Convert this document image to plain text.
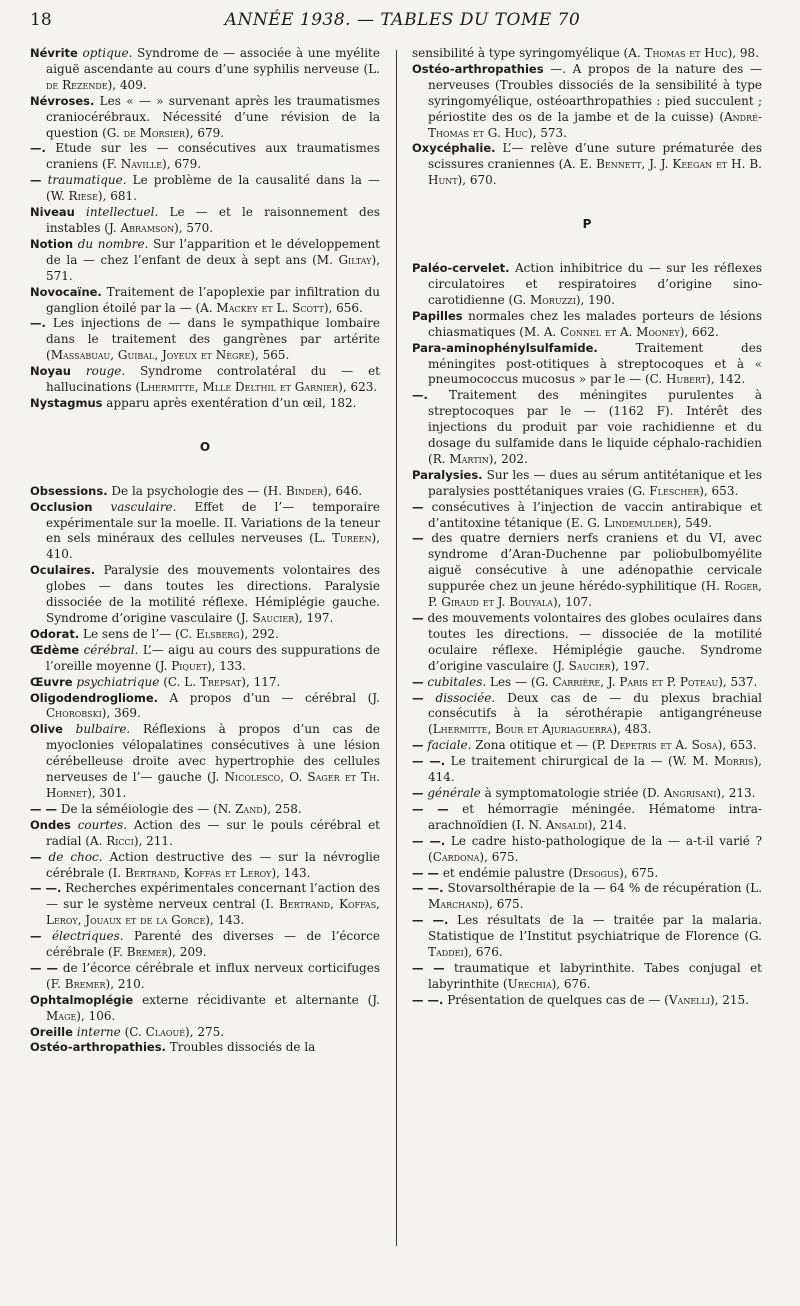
18	ANNÉE 1938. — TABLES DU TOME 70
Névrite optique. Syndrome de — associée à une myélite aiguë ascendante au cours d’une syphilis nerveuse (L. de Rezende), 409.
Névroses. Les « — » survenant après les traumatismes craniocérébraux. Nécessité d’une révision de la question (G. de Morsier), 679.
—. Etude sur les — consécutives aux traumatismes craniens (F. Naville), 679.
— traumatique. Le problème de la causalité dans la — (W. Riese), 681.
Niveau intellectuel. Le — et le raisonnement des instables (J. Abramson), 570.
Notion du nombre. Sur l’apparition et le développement de la — chez l’enfant de deux à sept ans (M. Giltay), 571.
Novocaïne. Traitement de l’apoplexie par infiltration du ganglion étoilé par la — (A. Mackey et L. Scott), 656.
—. Les injections de — dans le sympathique lombaire dans le traitement des gangrènes par artérite (Massabuau, Guibal, Joyeux et Nègre), 565.
Noyau rouge. Syndrome controlatéral du — et hallucinations (Lhermitte, Mlle Delthil et Garnier), 623.
Nystagmus apparu après exentération d’un œil, 182.
O
Obsessions. De la psychologie des — (H. Binder), 646.
Occlusion vasculaire. Effet de l’— temporaire expérimentale sur la moelle. II. Variations de la teneur en sels minéraux des cellules nerveuses (L. Tureen), 410.
Oculaires. Paralysie des mouvements volontaires des globes — dans toutes les directions. Paralysie dissociée de la motilité réflexe. Hémiplégie gauche. Syndrome d’origine vasculaire (J. Saucier), 197.
Odorat. Le sens de l’— (C. Elsberg), 292.
Œdème cérébral. L’— aigu au cours des suppurations de l’oreille moyenne (J. Piquet), 133.
Œuvre psychiatrique (C. L. Trepsat), 117.
Oligodendrogliome. A propos d’un — cérébral (J. Chorobski), 369.
Olive bulbaire. Réflexions à propos d’un cas de myoclonies vélopalatines consécutives à une lésion cérébelleuse droite avec hypertrophie des cellules nerveuses de l’— gauche (J. Nicolesco, O. Sager et Th. Hornet), 301.
— — De la séméiologie des — (N. Zand), 258.
Ondes courtes. Action des — sur le pouls cérébral et radial (A. Ricci), 211.
— de choc. Action destructive des — sur la névroglie cérébrale (I. Bertrand, Koffas et Leroy), 143.
— —. Recherches expérimentales concernant l’action des — sur le système nerveux central (I. Bertrand, Koffas, Leroy, Jouaux et de la Gorce), 143.
— électriques. Parenté des diverses — de l’écorce cérébrale (F. Bremer), 209.
— — de l’écorce cérébrale et influx nerveux corticifuges (F. Bremer), 210.
Ophtalmoplégie externe récidivante et alternante (J. Mage), 106.
Oreille interne (C. Claoué), 275.
Ostéo-arthropathies. Troubles dissociés de la
sensibilité à type syringomyélique (A. Thomas et Huc), 98.
Ostéo-arthropathies —. A propos de la nature des — nerveuses (Troubles dissociés de la sensibilité à type syringomyélique, ostéoarthropathies : pied succulent ; périostite des os de la jambe et de la cuisse) (André-Thomas et G. Huc), 573.
Oxycéphalie. L’— relève d’une suture prématurée des scissures craniennes (A. E. Bennett, J. J. Keegan et H. B. Hunt), 670.
P
Paléo-cervelet. Action inhibitrice du — sur les réflexes circulatoires et respiratoires d’origine sino-carotidienne (G. Moruzzi), 190.
Papilles normales chez les malades porteurs de lésions chiasmatiques (M. A. Connel et A. Mooney), 662.
Para-aminophénylsulfamide. Traitement des méningites post-otitiques à streptocoques et à « pneumococcus mucosus » par le — (C. Hubert), 142.
—. Traitement des méningites purulentes à streptocoques par le — (1162 F). Intérêt des injections du produit par voie rachidienne et du dosage du sulfamide dans le liquide céphalo-rachidien (R. Martin), 202.
Paralysies. Sur les — dues au sérum antitétanique et les paralysies posttétaniques vraies (G. Flescher), 653.
— consécutives à l’injection de vaccin antirabique et d’antitoxine tétanique (E. G. Lindemulder), 549.
— des quatre derniers nerfs craniens et du VI, avec syndrome d’Aran-Duchenne par poliobulbomyélite aiguë consécutive à une adénopathie cervicale suppurée chez un jeune hérédo-syphilitique (H. Roger, P. Giraud et J. Bouyala), 107.
— des mouvements volontaires des globes oculaires dans toutes les directions. — dissociée de la motilité oculaire réflexe. Hémiplégie gauche. Syndrome d’origine vasculaire (J. Saucier), 197.
— cubitales. Les — (G. Carrière, J. Paris et P. Poteau), 537.
— dissociée. Deux cas de — du plexus brachial consécutifs à la sérothérapie antigangréneuse (Lhermitte, Bour et Ajuriaguerra), 483.
— faciale. Zona otitique et — (P. Depetris et A. Sosa), 653.
— —. Le traitement chirurgical de la — (W. M. Morris), 414.
— générale à symptomatologie striée (D. Angrisani), 213.
— — et hémorragie méningée. Hématome intra-arachnoïdien (I. N. Ansaldi), 214.
— —. Le cadre histo-pathologique de la — a-t-il varié ? (Cardona), 675.
— — et endémie palustre (Desogus), 675.
— —. Stovarsolthérapie de la — 64 % de récupération (L. Marchand), 675.
— —. Les résultats de la — traitée par la malaria. Statistique de l’Institut psychiatrique de Florence (G. Taddei), 676.
— — traumatique et labyrinthite. Tabes conjugal et labyrinthite (Urechia), 676.
— —. Présentation de quelques cas de — (Vanelli), 215.
